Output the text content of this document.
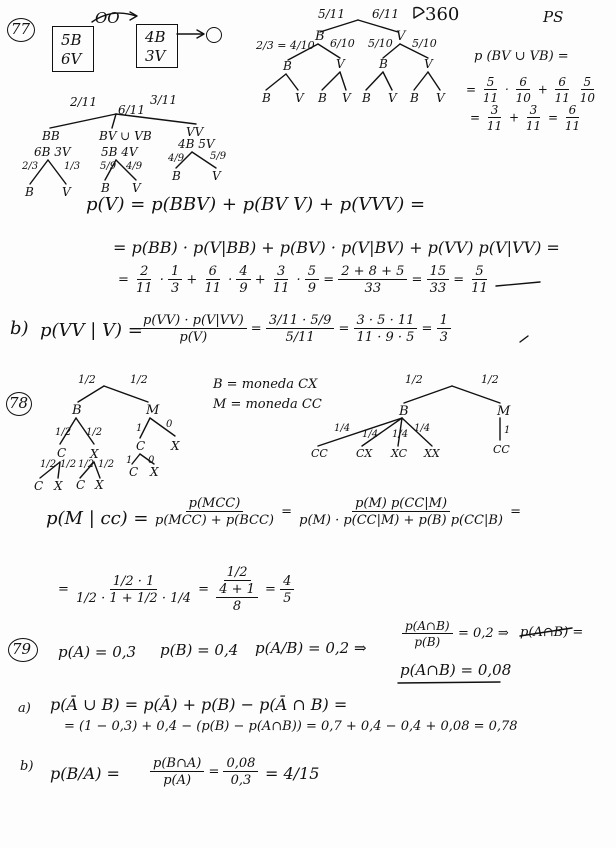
360	PS
77
5B
6V
OO
4B
3V
5/11 6/11
B	V
2/3 = 4/10 6/10 5/10 5/10
B	V	B	V
B V B V B V B V
p (BV ∪ VB) =
= $\frac{5}{11} \cdot \frac{6}{10} + \frac{6}{11}$
$\frac{5}{10}$
= $\frac{3}{11} + \frac{3}{11} = \frac{6}{11}$
2/11
6/11
3/11
BB
6B 3V
2/3	1/3
BV ∪ VB
5B 4V
5/9 4/9
VV
4B 5V
4/9	5/9
B V	B V
B	V
p(V) = p(BBV) + p(BV V) + p(VVV) =
= p(BB) · p(V|BB) + p(BV) · p(V|BV) + p(VV) p(V|VV) =
= $\frac{2}{11} \cdot \frac{1}{3} + \frac{6}{11} \cdot \frac{4}{9} + \frac{3}{11} \cdot \frac{5}{9} = \frac{2 + 8 + 5}{33} = \frac{15}{33} = \frac{5}{11}$
b) p(VV | V) =
$\frac{p(VV) \cdot p(V|VV)}{p(V)} = \frac{3/11 \cdot 5/9}{5/11} = \frac{3 \cdot 5 \cdot 11}{11 \cdot 9 \cdot 5} = \frac{1}{3}$
78
1/2	1/2
B	M
1/2 1/2	1 0
C X
C X
1/2 1/2 1/2 1/2 1 0
C X C X
C X
B = moneda CX
M = moneda CC
1/2	1/2
B	M
1/4
1/4 1/4
1/4	1
CC	CX XC XX	CC
p(M | $cc) = \frac{\text{p(MCC)}}{\text{p(MCC) + p(BCC)}} = \frac{p(M) p(CC|M)}{p(M) \cdot p(CC|M) + p(B) p(CC|B)}$ =
= $\frac{1/2 \cdot 1}{1/2 \cdot 1 + 1/2 \cdot 1/4} = \frac{1/2}{\frac{4 + 1}{8}} = \frac{4}{5}$
79 p(A) = 0,3 p(B) = 0,4 p(A/B) = 0,2 ⇒	$\frac{p(A\cap B)}{p(B)} = 0,2$ ⇒ p(A∩B) =
p(A∩B) = 0,08
a) p(Ā ∪ B) = p(Ā) + p(B) − p(Ā ∩ B) =
= (1 − 0,3) + 0,4 − (p(B) − p(A∩B)) = 0,7 + 0,4 − 0,4 + 0,08 = 0,78
b) $p(B/A) = \frac{p(B\cap A)}{p(A)} = \frac{0,08}{0,3} = 4/15$
